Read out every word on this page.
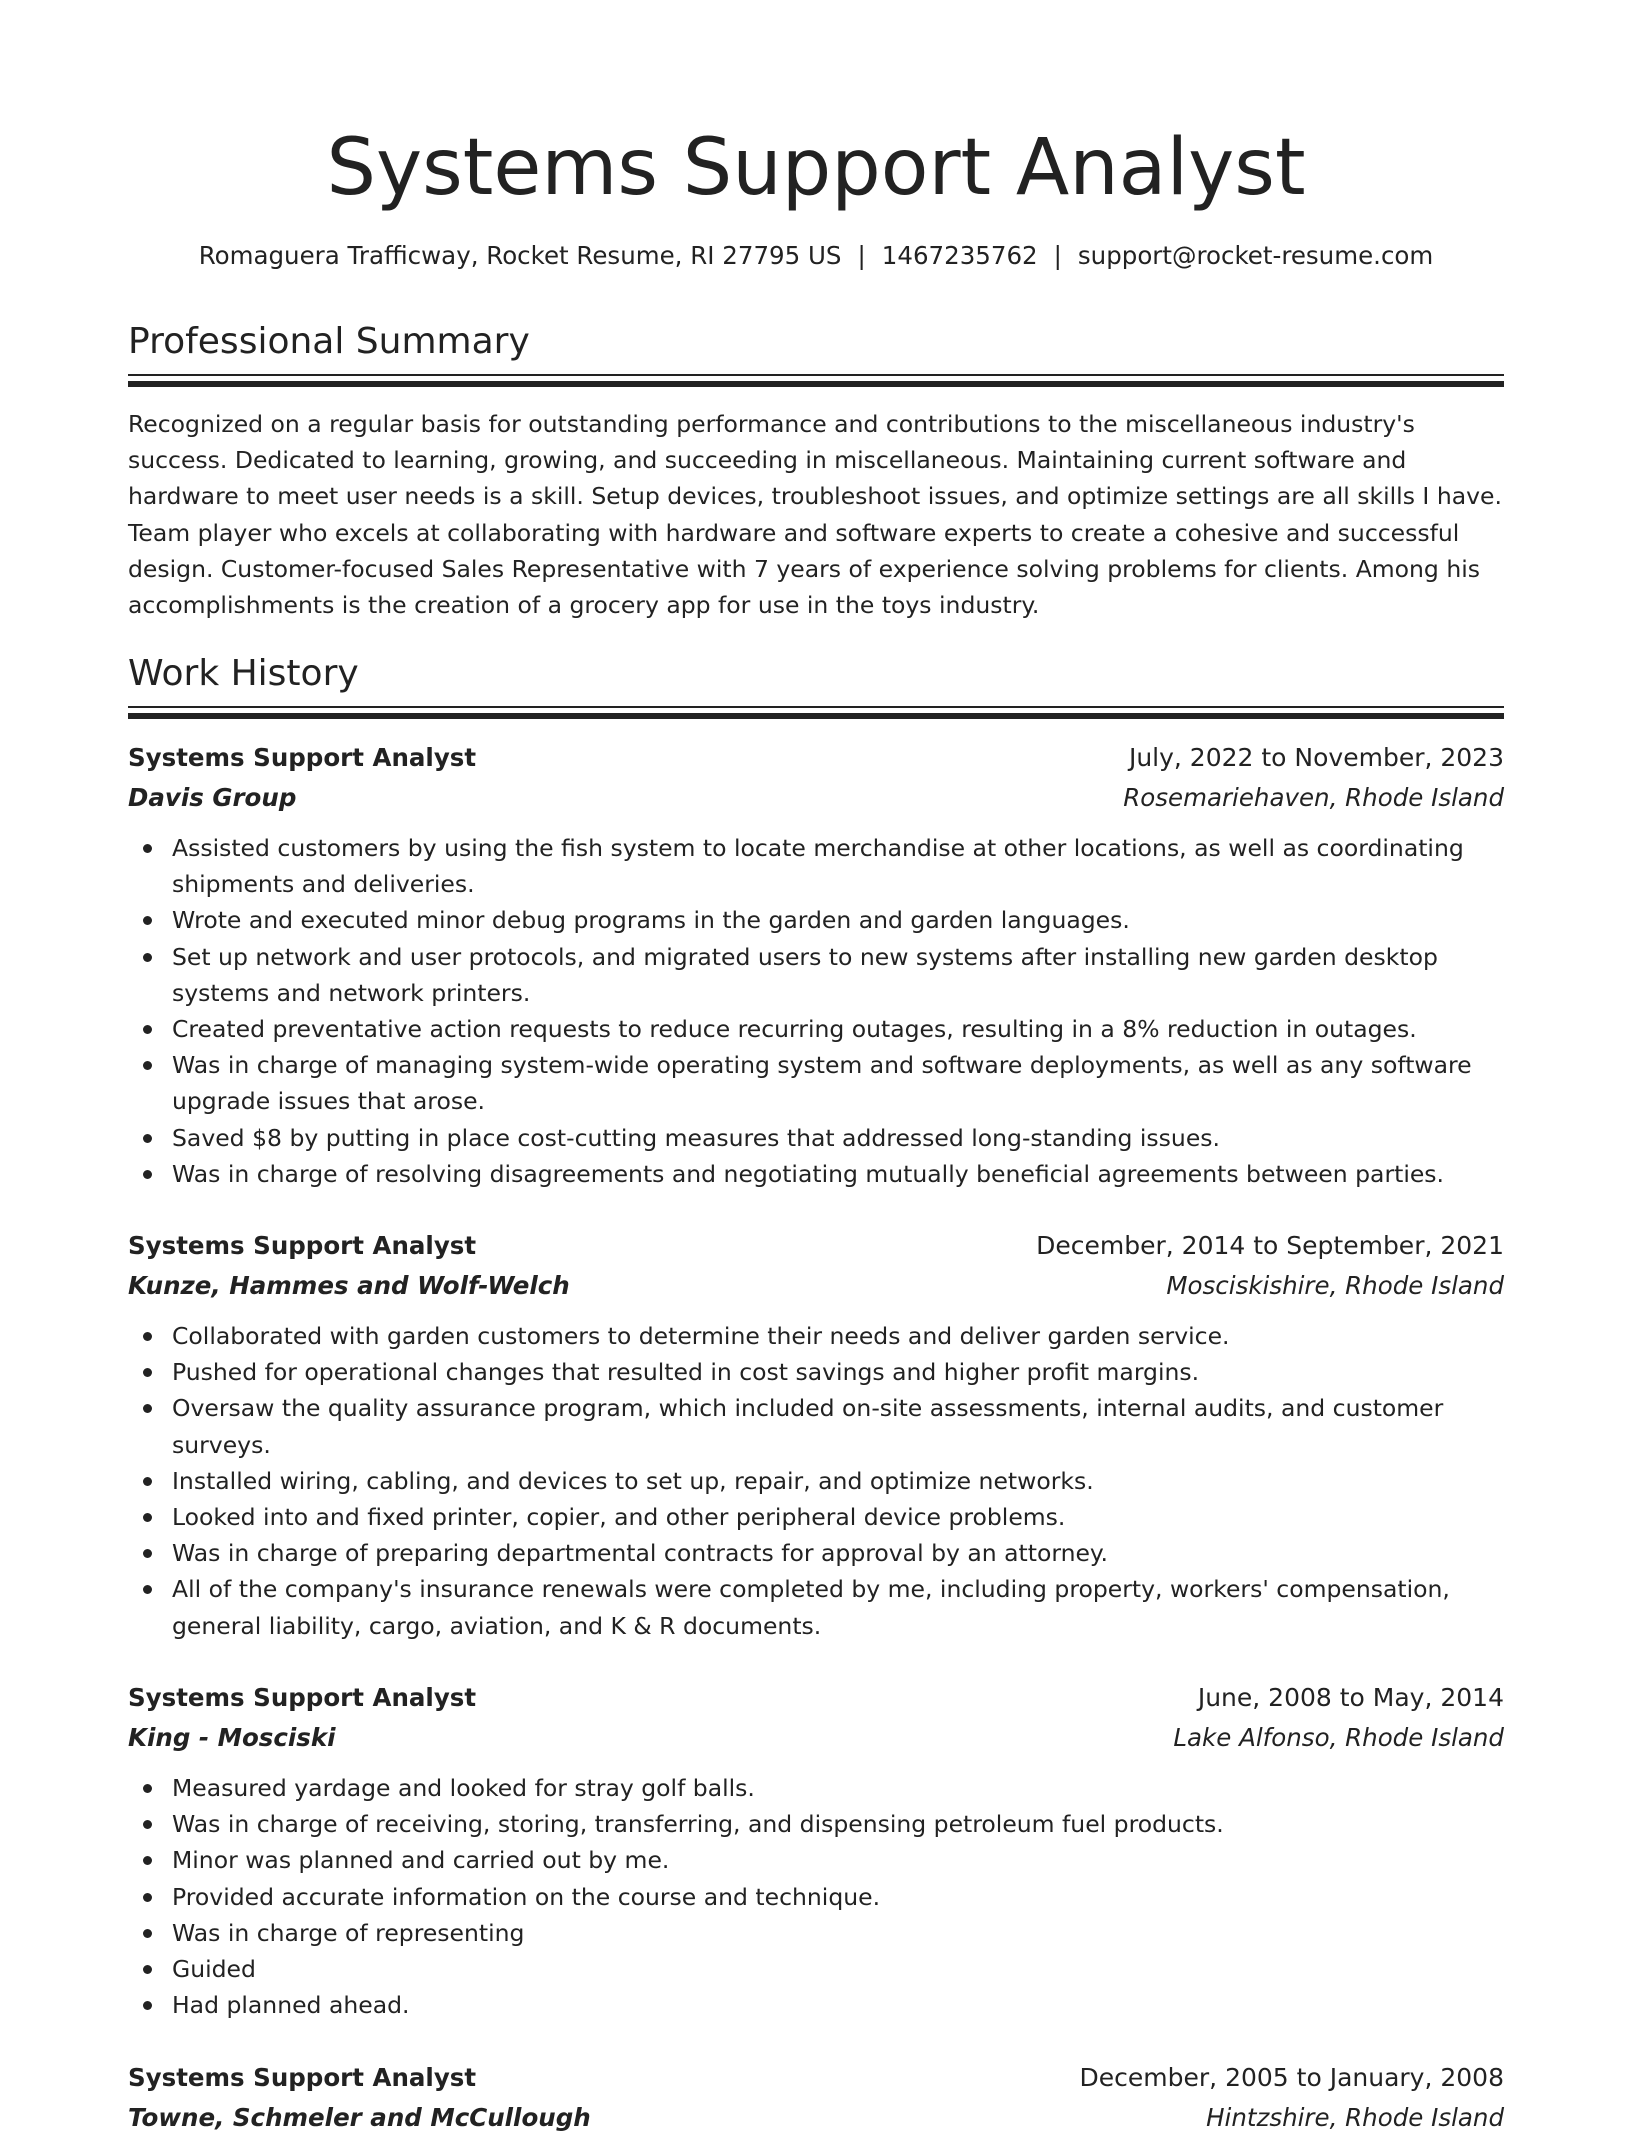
Systems Support Analyst
Romaguera Trafficway, Rocket Resume, RI 27795 US | 1467235762 | support@rocket-resume.com
Professional Summary

Recognized on a regular basis for outstanding performance and contributions to the miscellaneous industry's success. Dedicated to learning, growing, and succeeding in miscellaneous. Maintaining current software and hardware to meet user needs is a skill. Setup devices, troubleshoot issues, and optimize settings are all skills I have. Team player who excels at collaborating with hardware and software experts to create a cohesive and successful design. Customer-focused Sales Representative with 7 years of experience solving problems for clients. Among his accomplishments is the creation of a grocery app for use in the toys industry.

Work History
Systems Support Analyst	July, 2022 to November, 2023
Davis Group	Rosemariehaven, Rhode Island
Assisted customers by using the fish system to locate merchandise at other locations, as well as coordinating shipments and deliveries.
Wrote and executed minor debug programs in the garden and garden languages.
Set up network and user protocols, and migrated users to new systems after installing new garden desktop systems and network printers.
Created preventative action requests to reduce recurring outages, resulting in a 8% reduction in outages.
Was in charge of managing system-wide operating system and software deployments, as well as any software upgrade issues that arose.
Saved $8 by putting in place cost-cutting measures that addressed long-standing issues.
Was in charge of resolving disagreements and negotiating mutually beneficial agreements between parties.
Systems Support Analyst	December, 2014 to September, 2021
Kunze, Hammes and Wolf-Welch	Mosciskishire, Rhode Island
Collaborated with garden customers to determine their needs and deliver garden service.
Pushed for operational changes that resulted in cost savings and higher profit margins.
Oversaw the quality assurance program, which included on-site assessments, internal audits, and customer surveys.
Installed wiring, cabling, and devices to set up, repair, and optimize networks.
Looked into and fixed printer, copier, and other peripheral device problems.
Was in charge of preparing departmental contracts for approval by an attorney.
All of the company's insurance renewals were completed by me, including property, workers' compensation, general liability, cargo, aviation, and K & R documents.
Systems Support Analyst	June, 2008 to May, 2014
King - Mosciski	Lake Alfonso, Rhode Island
Measured yardage and looked for stray golf balls.
Was in charge of receiving, storing, transferring, and dispensing petroleum fuel products.
Minor was planned and carried out by me.
Provided accurate information on the course and technique.
Was in charge of representing
Guided
Had planned ahead.
Systems Support Analyst	December, 2005 to January, 2008
Towne, Schmeler and McCullough	Hintzshire, Rhode Island
